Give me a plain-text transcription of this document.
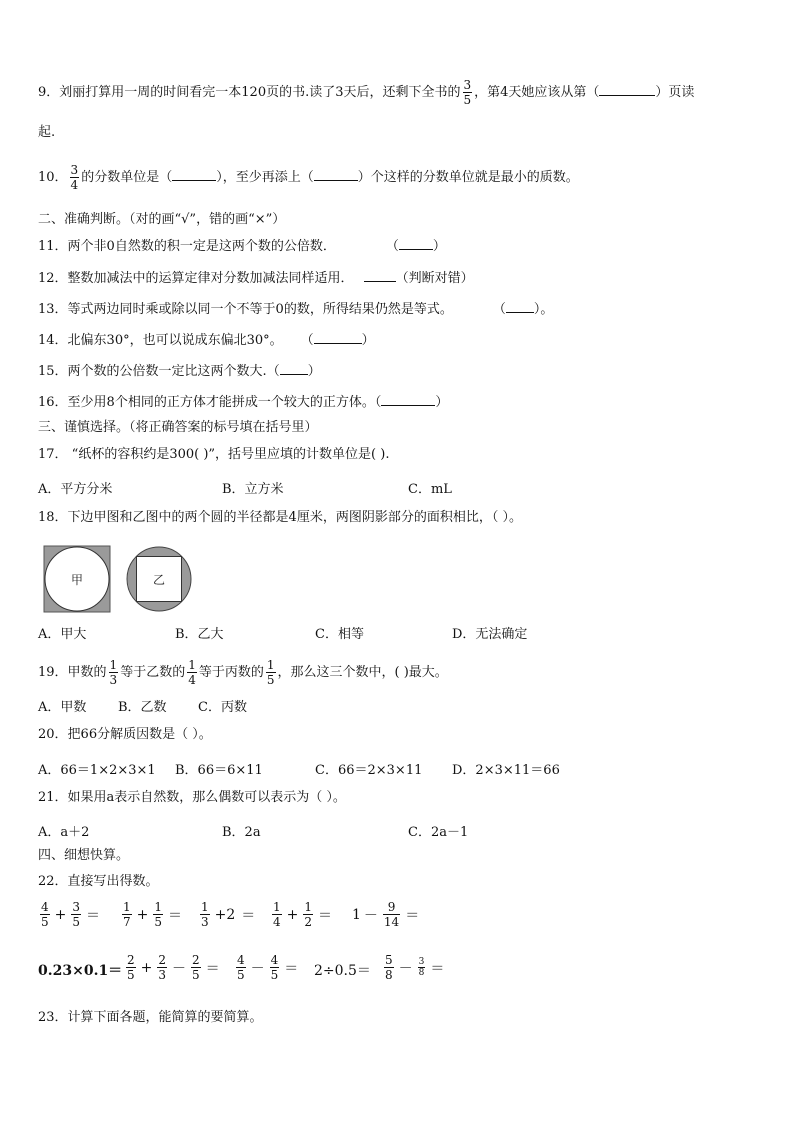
9．刘丽打算用一周的时间看完一本120页的书.读了3天后，还剩下全书的 $\frac{3}{5}$ ，第4天她应该从第（	）页读
起.
10． $\frac{3}{4}$ 的分数单位是（	），至少再添上（	）个这样的分数单位就是最小的质数。
二、准确判断。（对的画“√”，错的画“×”）
11．两个非0自然数的积一定是这两个数的公倍数．	（	）
12．整数加减法中的运算定律对分数加减法同样适用．	（判断对错）
13．等式两边同时乘或除以同一个不等于0的数，所得结果仍然是等式。	（ ）。
14．北偏东30°，也可以说成东偏北30°。 （	）
15．两个数的公倍数一定比这两个数大.（ ）
16．至少用8个相同的正方体才能拼成一个较大的正方体。（	）
三、谨慎选择。（将正确答案的标号填在括号里）
17． “纸杯的容积约是300( )”，括号里应填的计数单位是( ).
A．平方分米	B．立方米	C．mL
18．下边甲图和乙图中的两个圆的半径都是4厘米，两图阴影部分的面积相比，（ ）。
甲	乙
A．甲大	B．乙大	C．相等	D．无法确定
19．甲数的 $\frac{1}{3}$ 等于乙数的 $\frac{1}{4}$ 等于丙数的 $\frac{1}{5}$ ，那么这三个数中，( )最大。
A．甲数 B．乙数 C．丙数
20．把66分解质因数是（ ）。
A．66＝1×2×3×1 B．66＝6×11	C．66＝2×3×11 D．2×3×11＝66
21．如果用a表示自然数，那么偶数可以表示为（ ）。
A．a＋2	B．2a	C．2a－1
四、细想快算。
22．直接写出得数。
$\frac{4}{5} + \frac{3}{5} = \frac{1}{7} + \frac{1}{5} = \frac{1}{3} +2 = \frac{1}{4} + \frac{1}{2} = 1 - \frac{9}{14}$ ＝
$0.23\times 0.1= \frac{2}{5} + \frac{2}{3} - \frac{2}{5} = \frac{4}{5} - \frac{4}{5} = 2\div 0.5= \frac{5}{8} - \frac{3}{8}$ ＝
23．计算下面各题，能简算的要简算。
